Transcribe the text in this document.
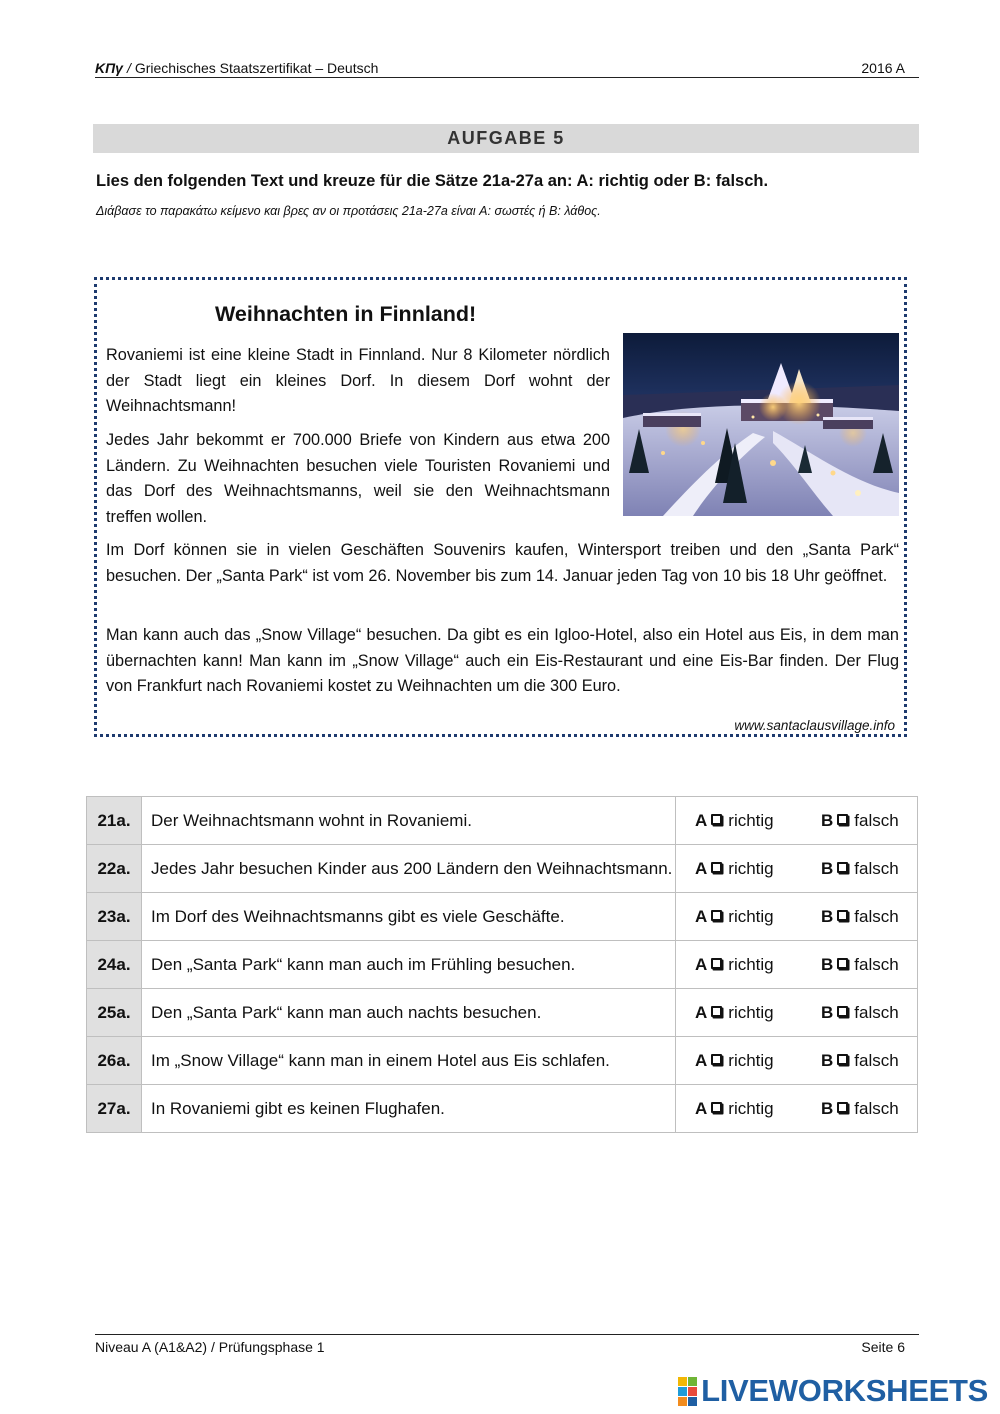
ΚΠγ / Griechisches Staatszertifikat – Deutsch	2016 A
AUFGABE 5
Lies den folgenden Text und kreuze für die Sätze 21a-27a an: A: richtig oder B: falsch.
Διάβασε το παρακάτω κείμενο και βρες αν οι προτάσεις 21a-27a είναι A: σωστές ή B: λάθος.
Weihnachten in Finnland!
Rovaniemi ist eine kleine Stadt in Finnland. Nur 8 Kilometer nördlich der Stadt liegt ein kleines Dorf. In diesem Dorf wohnt der Weihnachtsmann!
Jedes Jahr bekommt er 700.000 Briefe von Kindern aus etwa 200 Ländern. Zu Weihnachten besuchen viele Touristen Rovaniemi und das Dorf des Weihnachtsmanns, weil sie den Weihnachtsmann treffen wollen.
Im Dorf können sie in vielen Geschäften Souvenirs kaufen, Wintersport treiben und den „Santa Park“ besuchen. Der „Santa Park“ ist vom 26. November bis zum 14. Januar jeden Tag von 10 bis 18 Uhr geöffnet.
Man kann auch das „Snow Village“ besuchen. Da gibt es ein Igloo-Hotel, also ein Hotel aus Eis, in dem man übernachten kann! Man kann im „Snow Village“ auch ein Eis-Restaurant und eine Eis-Bar finden. Der Flug von Frankfurt nach Rovaniemi kostet zu Weihnachten um die 300 Euro.
www.santaclausvillage.info
21a.	Der Weihnachtsmann wohnt in Rovaniemi.	A richtig B falsch

22a.	Jedes Jahr besuchen Kinder aus 200 Ländern den Weihnachtsmann.	A richtig B falsch

23a.	Im Dorf des Weihnachtsmanns gibt es viele Geschäfte.	A richtig B falsch

24a.	Den „Santa Park“ kann man auch im Frühling besuchen.	A richtig B falsch

25a.	Den „Santa Park“ kann man auch nachts besuchen.	A richtig B falsch

26a.	Im „Snow Village“ kann man in einem Hotel aus Eis schlafen.	A richtig B falsch

27a.	In Rovaniemi gibt es keinen Flughafen.	A richtig B falsch
Niveau A (A1&A2) / Prüfungsphase 1	Seite 6
LIVEWORKSHEETS
